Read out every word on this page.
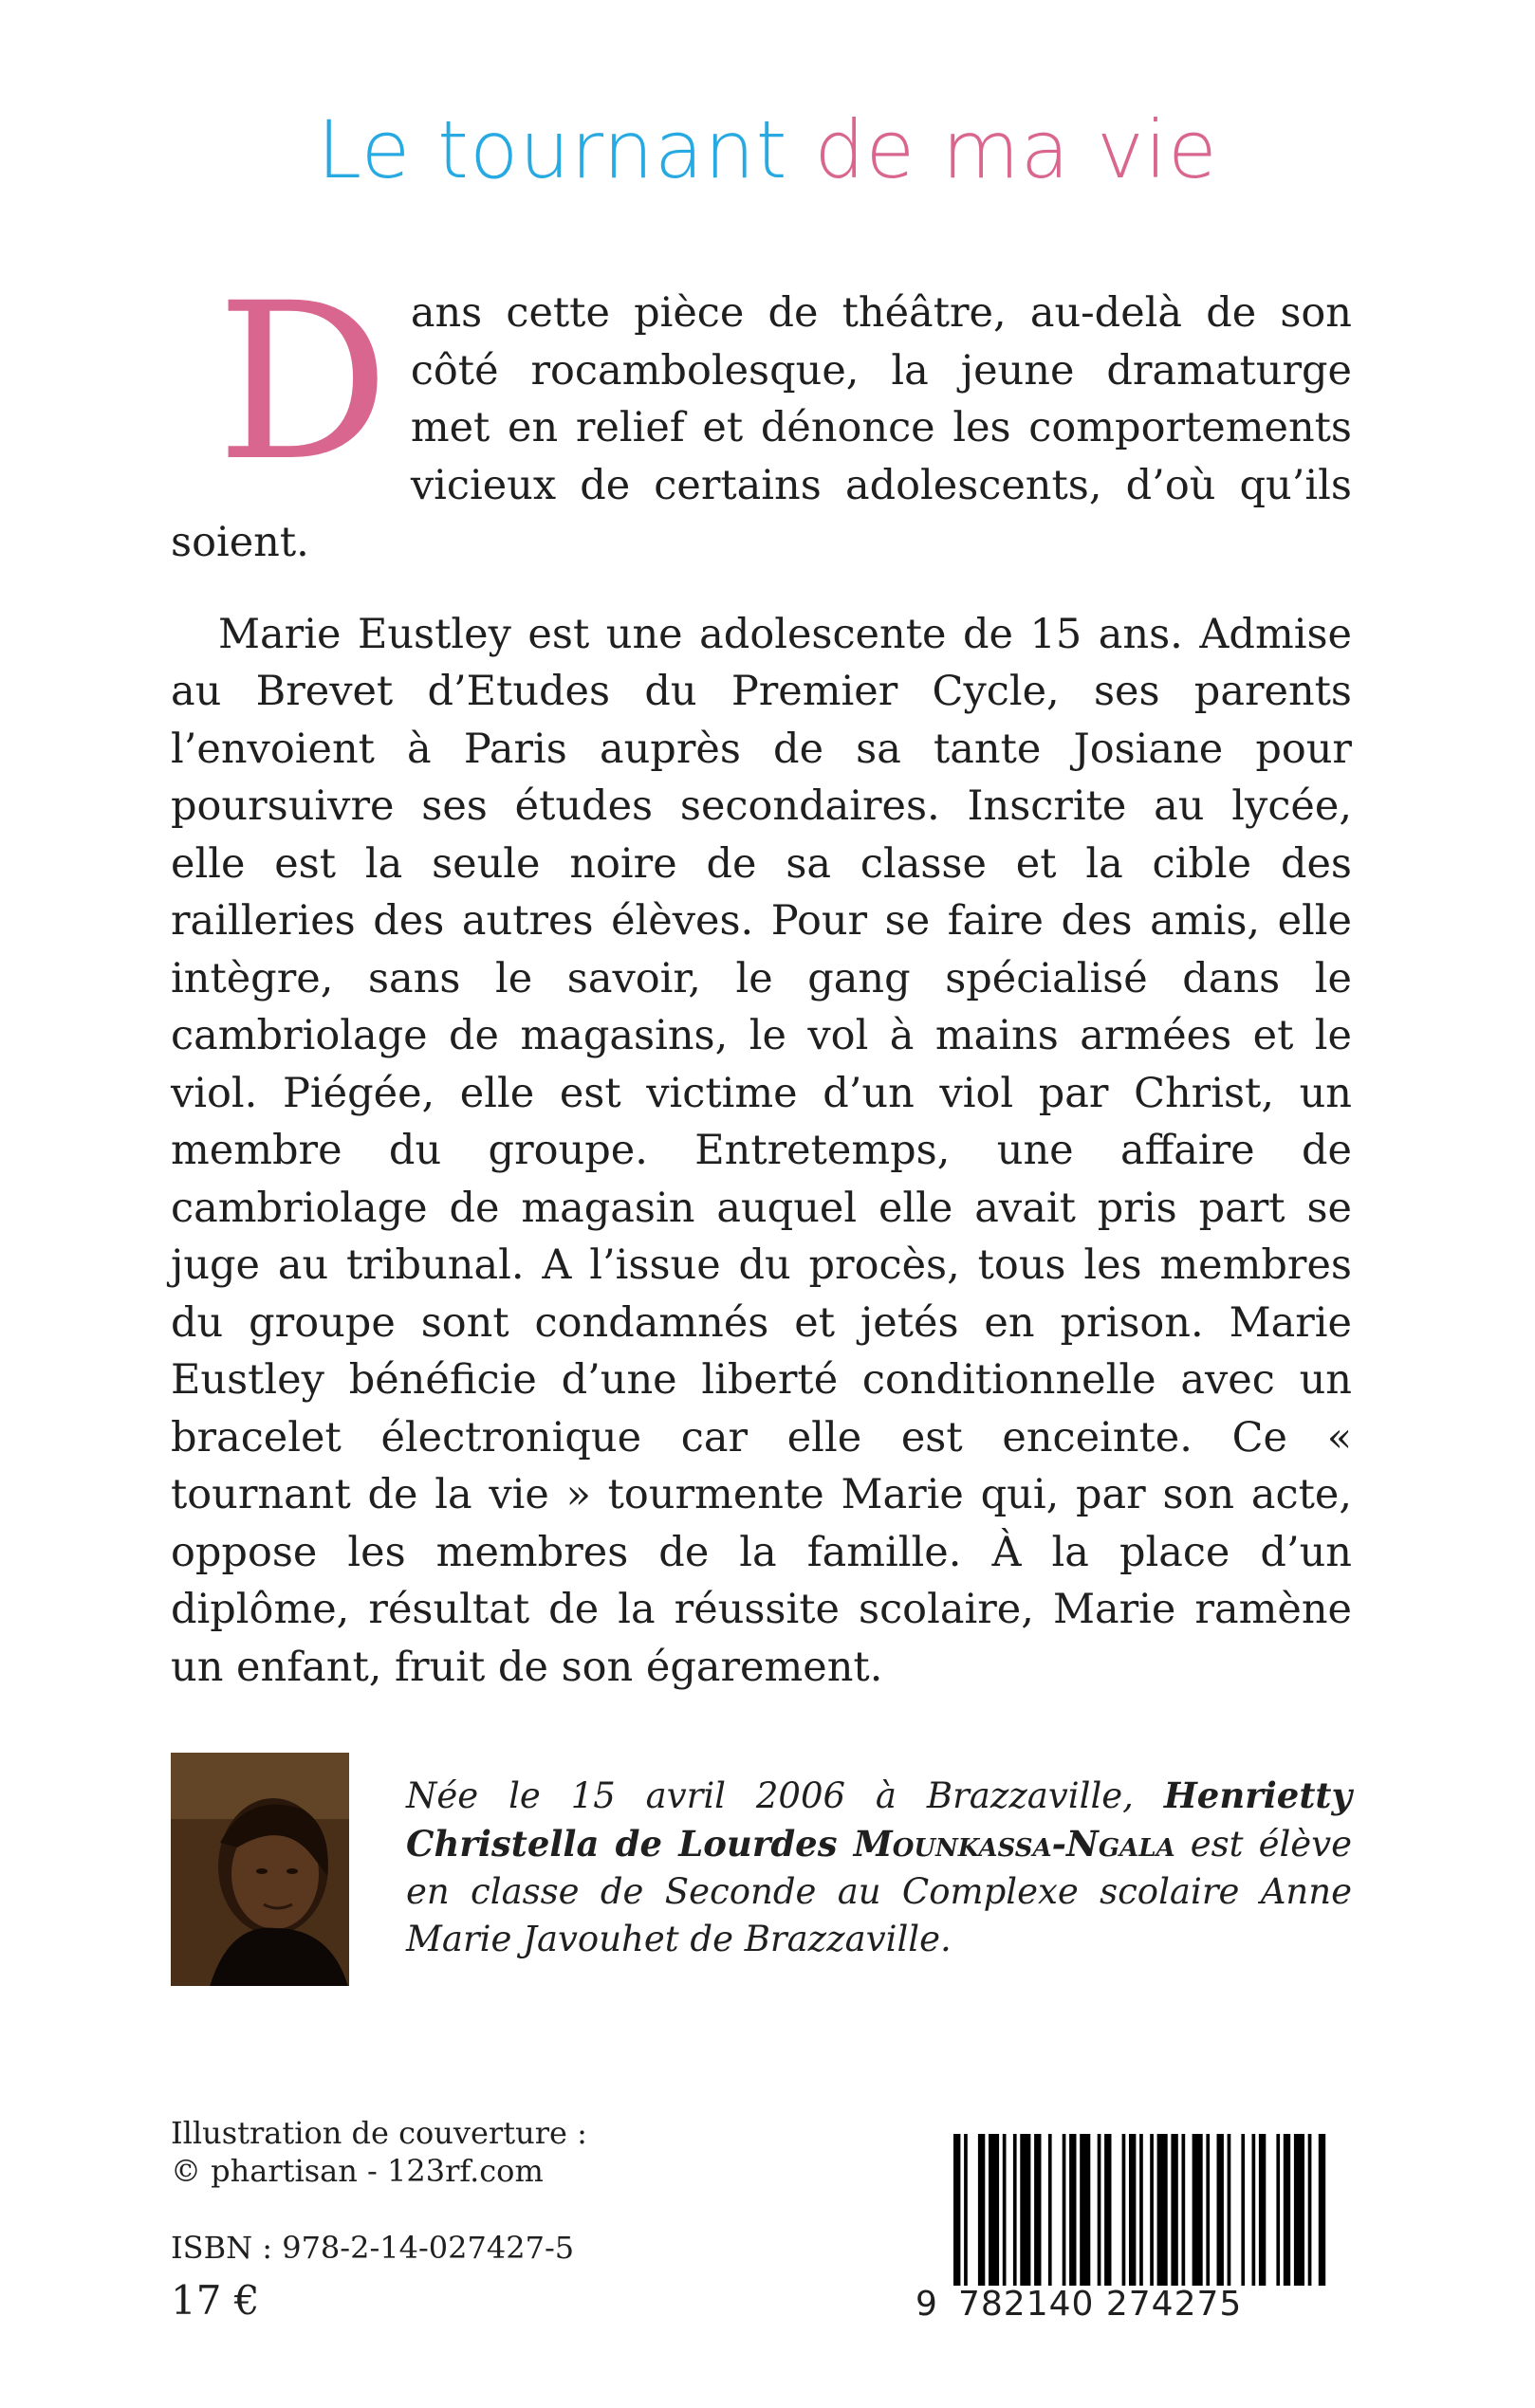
Le tournant de ma vie

Dans cette pièce de théâtre, au-delà de son côté rocambolesque, la jeune dramaturge met en relief et dénonce les comportements vicieux de certains adolescents, d’où qu’ils soient.

Marie Eustley est une adolescente de 15 ans. Admise au Brevet d’Etudes du Premier Cycle, ses parents l’envoient à Paris auprès de sa tante Josiane pour poursuivre ses études secondaires. Inscrite au lycée, elle est la seule noire de sa classe et la cible des railleries des autres élèves. Pour se faire des amis, elle intègre, sans le savoir, le gang spécialisé dans le cambriolage de magasins, le vol à mains armées et le viol. Piégée, elle est victime d’un viol par Christ, un membre du groupe. Entretemps, une affaire de cambriolage de magasin auquel elle avait pris part se juge au tribunal. A l’issue du procès, tous les membres du groupe sont condamnés et jetés en prison. Marie Eustley bénéficie d’une liberté conditionnelle avec un bracelet électronique car elle est enceinte. Ce « tournant de la vie » tourmente Marie qui, par son acte, oppose les membres de la famille. À la place d’un diplôme, résultat de la réussite scolaire, Marie ramène un enfant, fruit de son égarement.

Née le 15 avril 2006 à Brazzaville, Henrietty Christella de Lourdes Mounkassa-Ngala est élève en classe de Seconde au Complexe scolaire Anne Marie Javouhet de Brazzaville.
Illustration de couverture :
© phartisan - 123rf.com
ISBN : 978-2-14-027427-5
17 €	9 782140 274275
